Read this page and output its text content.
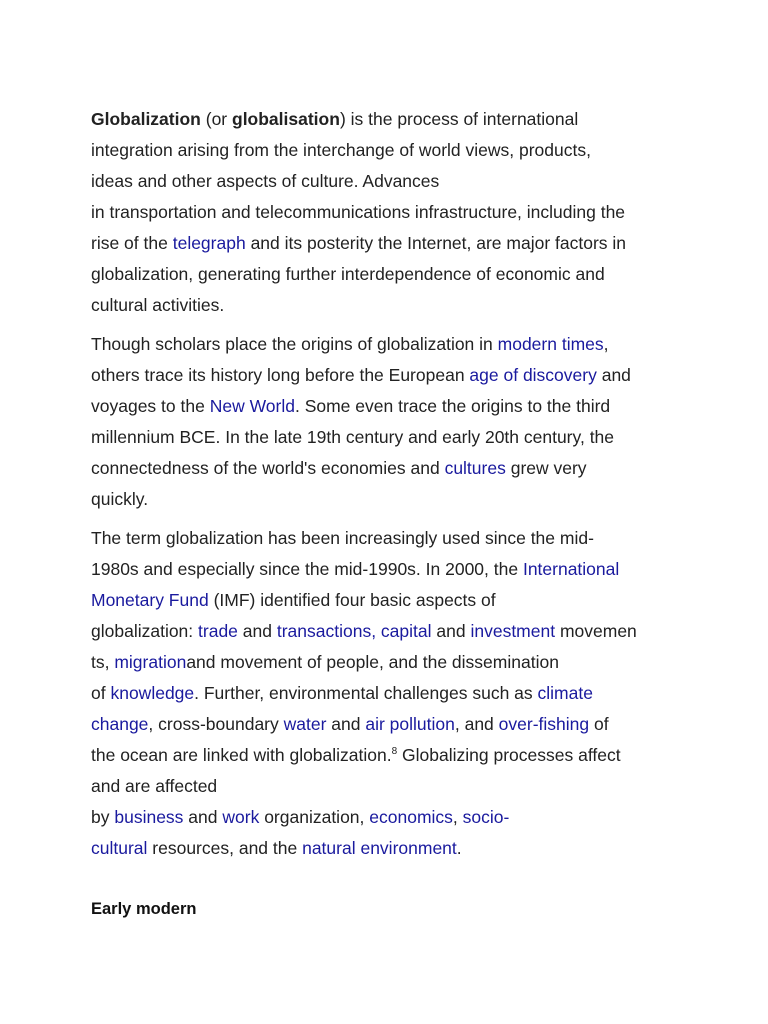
Globalization (or globalisation) is the process of international
integration arising from the interchange of world views, products,
ideas and other aspects of culture. Advances
in transportation and telecommunications infrastructure, including the
rise of the telegraph and its posterity the Internet, are major factors in
globalization, generating further interdependence of economic and
cultural activities.

Though scholars place the origins of globalization in modern times,
others trace its history long before the European age of discovery and
voyages to the New World. Some even trace the origins to the third
millennium BCE. In the late 19th century and early 20th century, the
connectedness of the world's economies and cultures grew very
quickly.

The term globalization has been increasingly used since the mid-
1980s and especially since the mid-1990s. In 2000, the International
Monetary Fund (IMF) identified four basic aspects of
globalization: trade and transactions, capital and investment movemen
ts, migrationand movement of people, and the dissemination
of knowledge. Further, environmental challenges such as climate
change, cross-boundary water and air pollution, and over-fishing of
the ocean are linked with globalization.$^8$ Globalizing processes affect
and are affected
by business and work organization, economics, socio-
cultural resources, and the natural environment.

Early modern
